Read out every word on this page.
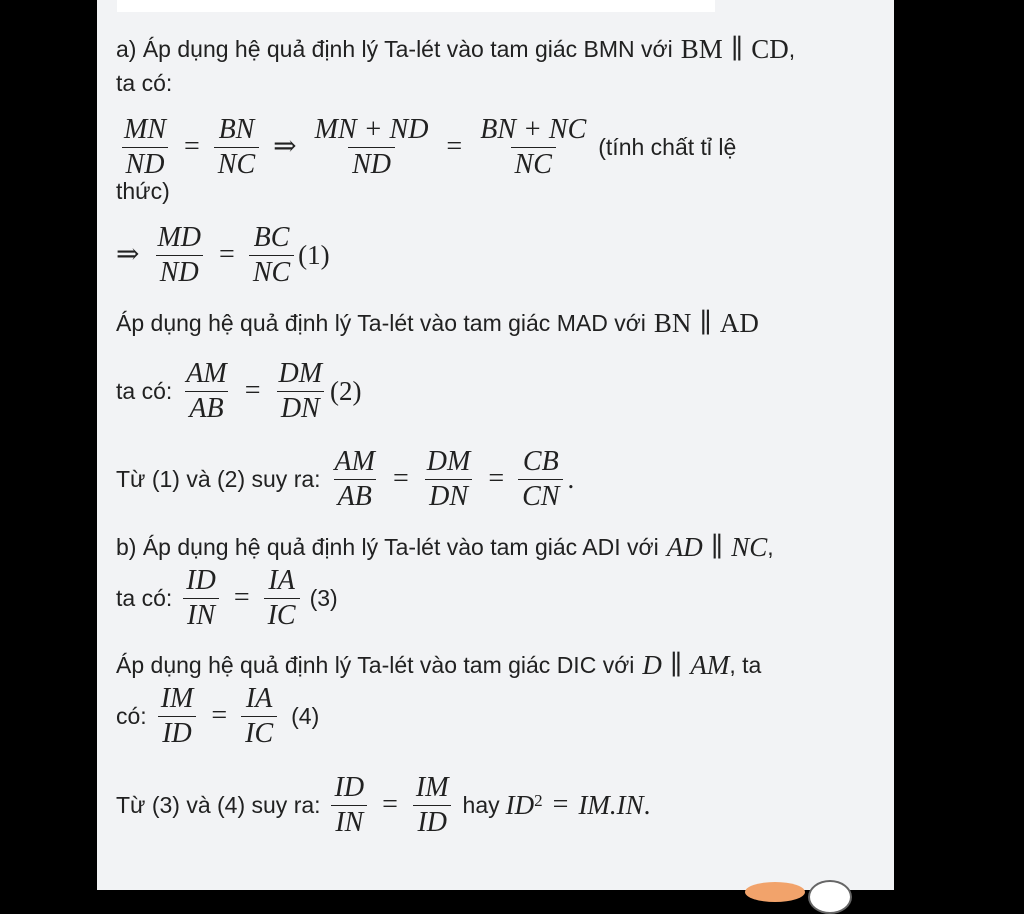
a) Áp dụng hệ quả định lý Ta-lét vào tam giác BMN với BM ∥ CD ,
ta có:
$\frac{MN}{ND} = \frac{BN}{NC}$ ⇒ $\frac{MN + ND}{ND} = \frac{BN + NC}{NC}$ (tính chất tỉ lệ
thức)
⇒ $\frac{MD}{ND} = \frac{BC}{NC} (1)$
Áp dụng hệ quả định lý Ta-lét vào tam giác MAD với BN ∥ AD
ta có: $\frac{AM}{AB} = \frac{DM}{DN} (2)$
Từ (1) và (2) suy ra: $\frac{AM}{AB} = \frac{DM}{DN} = \frac{CB}{CN}$ .
b) Áp dụng hệ quả định lý Ta-lét vào tam giác ADI với AD ∥ NC ,
ta có: $\frac{ID}{IN} = \frac{IA}{IC} (3)$
Áp dụng hệ quả định lý Ta-lét vào tam giác DIC với D ∥ AM , ta
có: $\frac{IM}{ID} = \frac{IA}{IC} (4)$
Từ (3) và (4) suy ra: $\frac{ID}{IN} = \frac{IM}{ID}$ hay ID 2 = IM.IN .
